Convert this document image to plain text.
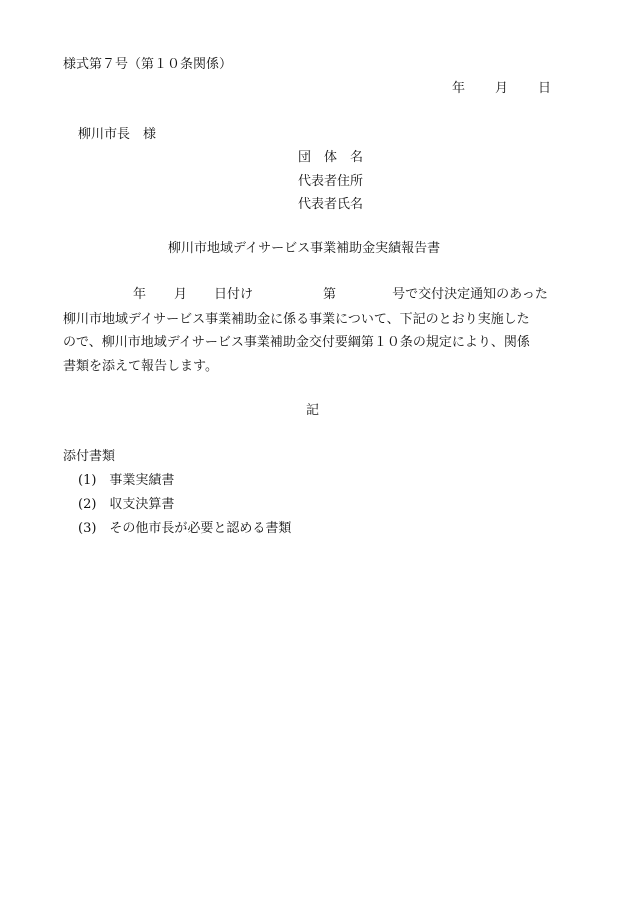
様式第７号（第１０条関係）
年 月 日
柳川市長　様
団　体　名
代表者住所
代表者氏名
柳川市地域デイサービス事業補助金実績報告書
年 月 日付け	第	号で交付決定通知のあった
柳川市地域デイサービス事業補助金に係る事業について、下記のとおり実施した
ので、柳川市地域デイサービス事業補助金交付要綱第１０条の規定により、関係
書類を添えて報告します。
記
添付書類
(1)　事業実績書
(2)　収支決算書
(3)　その他市長が必要と認める書類
